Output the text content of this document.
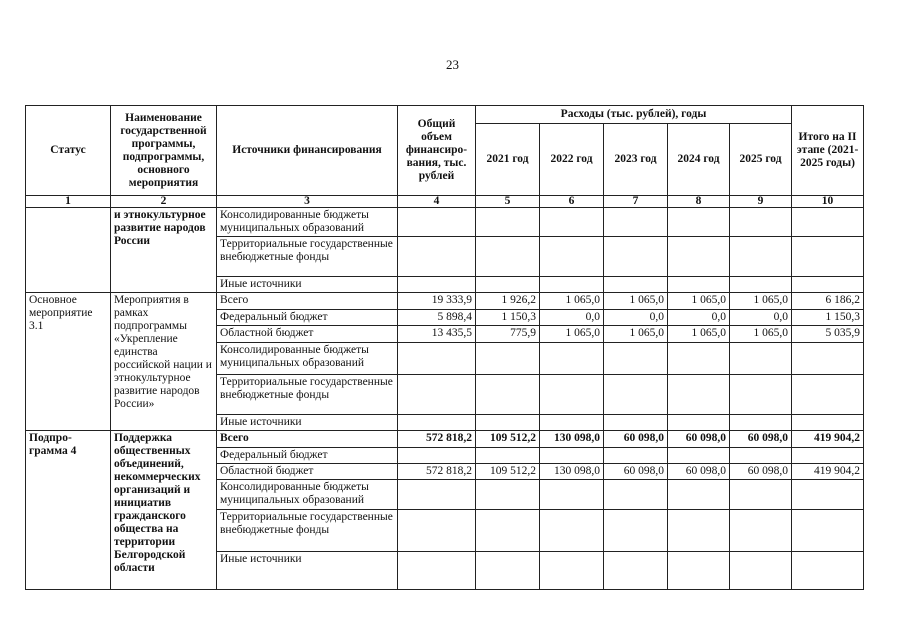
23
Статус	Наименование государственной программы, подпрограммы, основного мероприятия	Источники финансирования	Общий объем финансиро-вания, тыс. рублей	Расходы (тыс. рублей), годы					Итого на II этапе (2021-2025 годы)
				2021 год	2022 год	2023 год	2024 год	2025 год	
1	2	3	4	5	6	7	8	9	10
	и этнокультурное развитие народов России	Консолидированные бюджеты муниципальных образований							
		Территориальные государственные внебюджетные фонды							
		Иные источники							
Основное мероприятие 3.1	Мероприятия в рамках подпрограммы «Укрепление единства российской нации и этнокультурное развитие народов России»	Всего	19 333,9	1 926,2	1 065,0	1 065,0	1 065,0	1 065,0	6 186,2
		Федеральный бюджет	5 898,4	1 150,3	0,0	0,0	0,0	0,0	1 150,3
		Областной бюджет	13 435,5	775,9	1 065,0	1 065,0	1 065,0	1 065,0	5 035,9
		Консолидированные бюджеты муниципальных образований							
		Территориальные государственные внебюджетные фонды							
		Иные источники							
Подпро-грамма 4	Поддержка общественных объединений, некоммерческих организаций и инициатив гражданского общества на территории Белгородской области	Всего	572 818,2	109 512,2	130 098,0	60 098,0	60 098,0	60 098,0	419 904,2
		Федеральный бюджет							
		Областной бюджет	572 818,2	109 512,2	130 098,0	60 098,0	60 098,0	60 098,0	419 904,2
		Консолидированные бюджеты муниципальных образований							
		Территориальные государственные внебюджетные фонды							
		Иные источники							
